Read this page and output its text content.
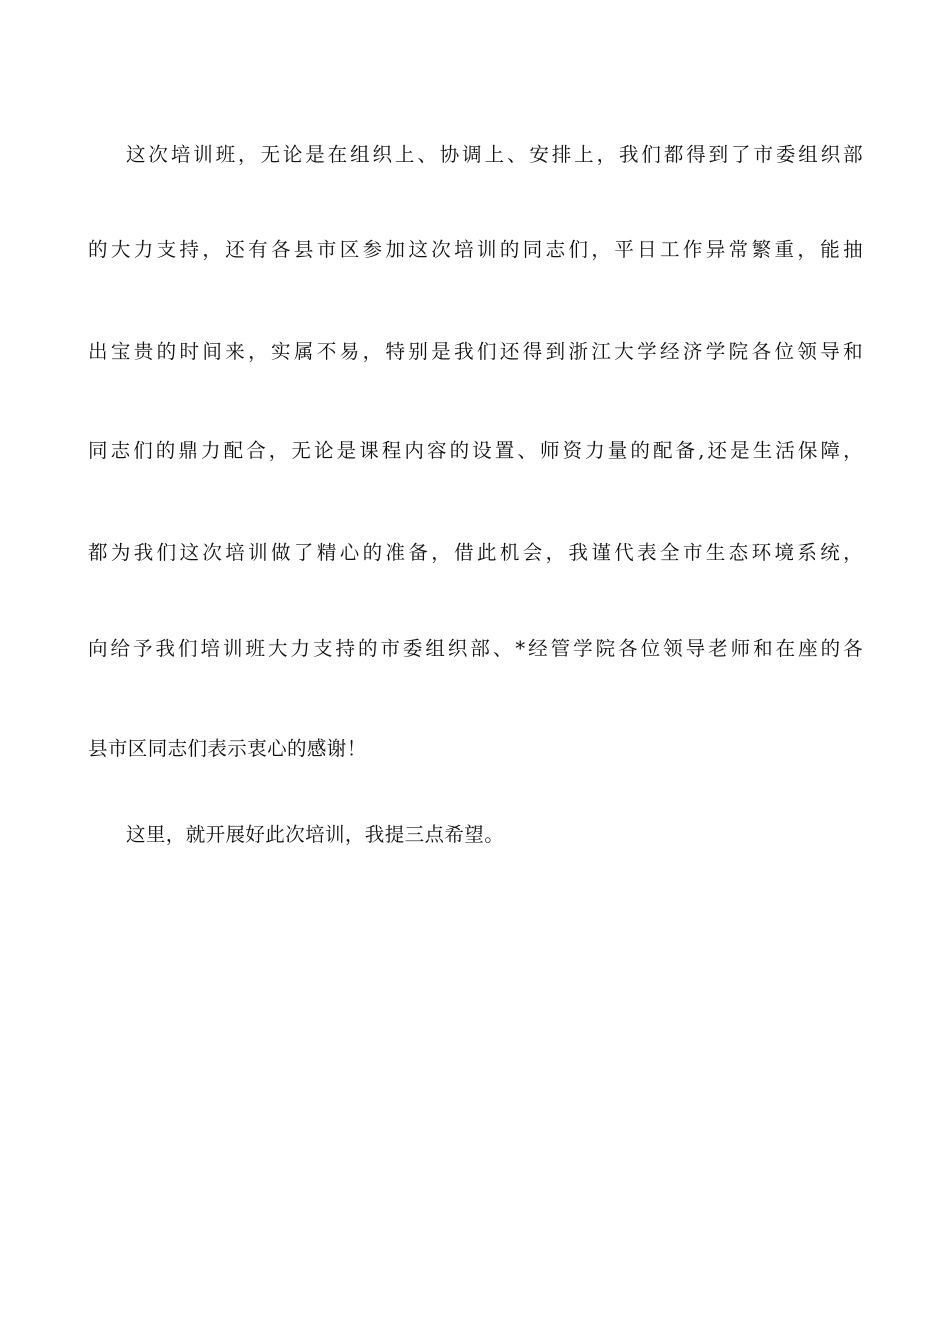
这次培训班，无论是在组织上、协调上、安排上，我们都得到了市委组织部

的大力支持，还有各县市区参加这次培训的同志们，平日工作异常繁重，能抽

出宝贵的时间来，实属不易，特别是我们还得到浙江大学经济学院各位领导和

同志们的鼎力配合，无论是课程内容的设置、师资力量的配备,还是生活保障，

都为我们这次培训做了精心的准备，借此机会，我谨代表全市生态环境系统，

向给予我们培训班大力支持的市委组织部、*经管学院各位领导老师和在座的各

县市区同志们表示衷心的感谢！

这里，就开展好此次培训，我提三点希望。
